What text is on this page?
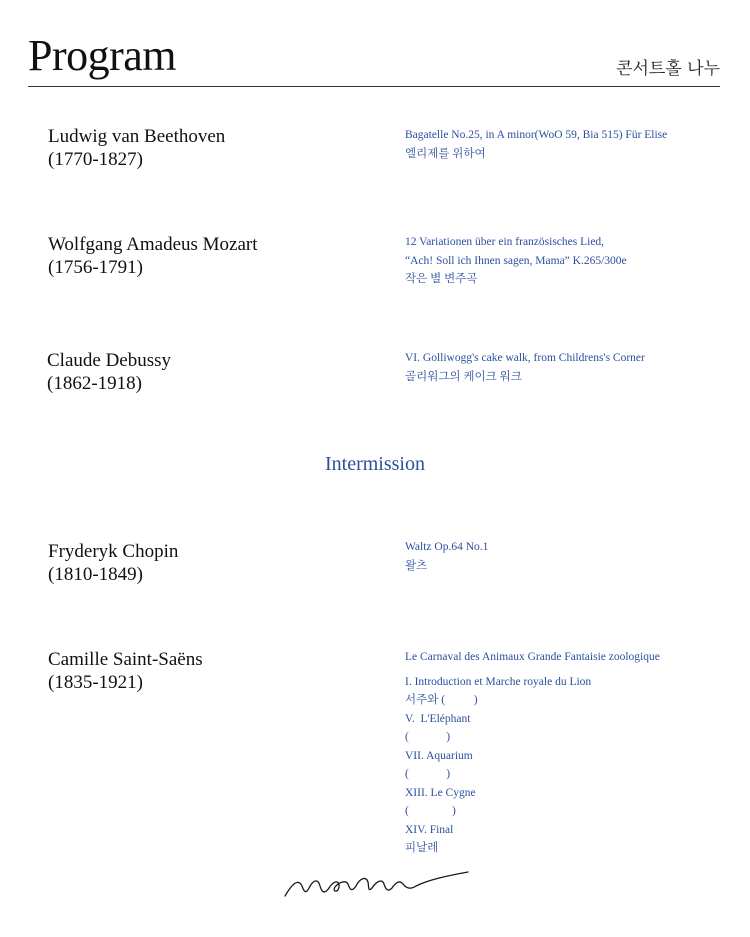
Program	콘서트홀 나누
Ludwig van Beethoven
(1770-1827)
Bagatelle No.25, in A minor(WoO 59, Bia 515) Für Elise
엘리제를 위하여
Wolfgang Amadeus Mozart
(1756-1791)
12 Variationen über ein französisches Lied,
“Ach! Soll ich Ihnen sagen, Mama” K.265/300e
작은 별 변주곡
Claude Debussy
(1862-1918)
VI. Golliwogg's cake walk, from Childrens's Corner
골리워그의 케이크 워크
Intermission
Fryderyk Chopin
(1810-1849)
Waltz Op.64 No.1
왈츠
Camille Saint-Saëns
(1835-1921)
Le Carnaval des Animaux Grande Fantaisie zoologique
I. Introduction et Marche royale du Lion
서주와 (          )
V.  L'Eléphant
(             )
VII. Aquarium
(             )
XIII. Le Cygne
(               )
XIV. Final
피날레
